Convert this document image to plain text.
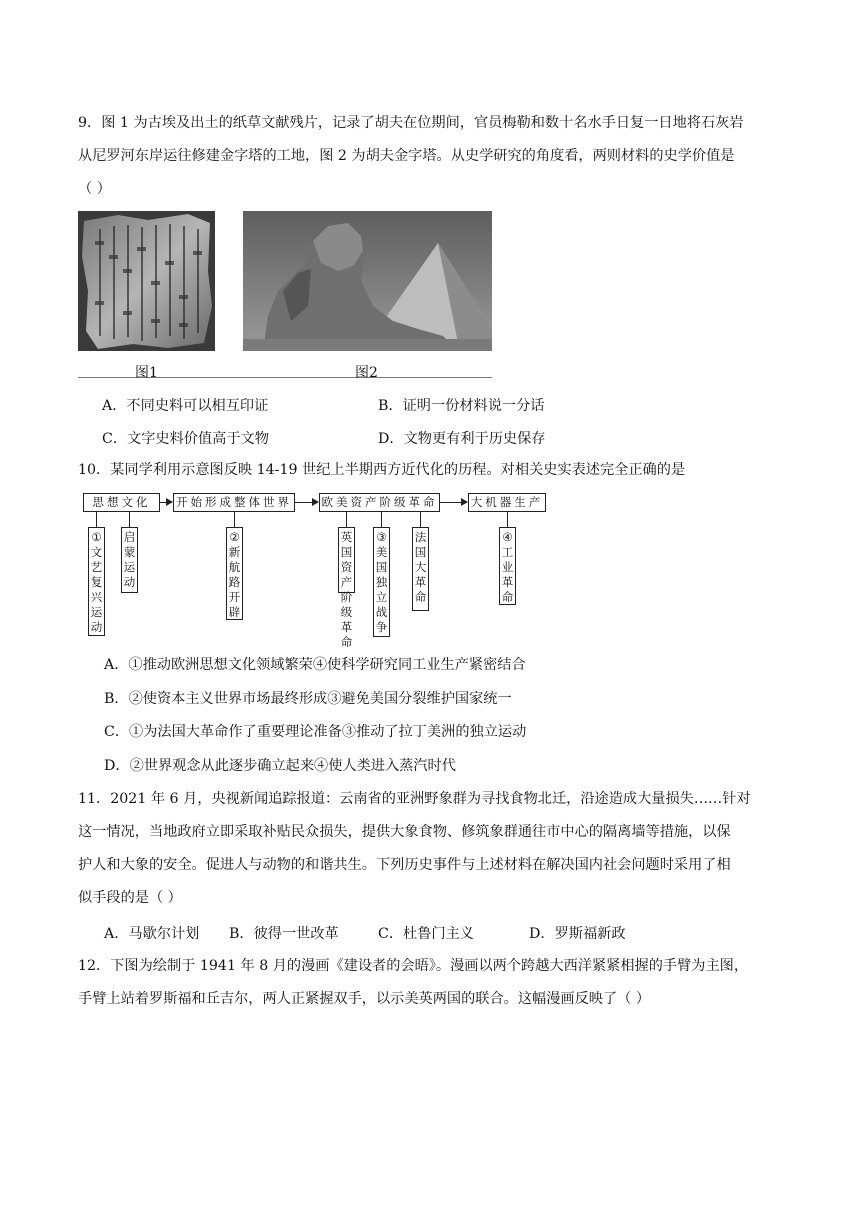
9．图 1 为古埃及出土的纸草文献残片，记录了胡夫在位期间，官员梅勒和数十名水手日复一日地将石灰岩
从尼罗河东岸运往修建金字塔的工地，图 2 为胡夫金字塔。从史学研究的角度看，两则材料的史学价值是
（ ）
图1	图2
A．不同史料可以相互印证	B．证明一份材料说一分话
C．文字史料价值高于文物	D．文物更有利于历史保存
10．某同学利用示意图反映 14-19 世纪上半期西方近代化的历程。对相关史实表述完全正确的是
思想文化	开始形成整体世界	欧美资产阶级革命	大机器生产
①
文
艺
复
兴
运
动
启
蒙
运
动
②
新
航
路
开
辟
英
国
资
产
阶
级
革
命
③
美
国
独
立
战
争
法
国
大
革
命
④
工
业
革
命
A．①推动欧洲思想文化领域繁荣④使科学研究同工业生产紧密结合
B．②使资本主义世界市场最终形成③避免美国分裂维护国家统一
C．①为法国大革命作了重要理论准备③推动了拉丁美洲的独立运动
D．②世界观念从此逐步确立起来④使人类进入蒸汽时代
11．2021 年 6 月，央视新闻追踪报道：云南省的亚洲野象群为寻找食物北迁，沿途造成大量损失……针对
这一情况，当地政府立即采取补贴民众损失，提供大象食物、修筑象群通往市中心的隔离墙等措施，以保
护人和大象的安全。促进人与动物的和谐共生。下列历史事件与上述材料在解决国内社会问题时采用了相
似手段的是（ ）
A．马歇尔计划 B．彼得一世改革	C．杜鲁门主义	D．罗斯福新政
12．下图为绘制于 1941 年 8 月的漫画《建设者的会晤》。漫画以两个跨越大西洋紧紧相握的手臂为主图，
手臂上站着罗斯福和丘吉尔，两人正紧握双手，以示美英两国的联合。这幅漫画反映了（ ）
